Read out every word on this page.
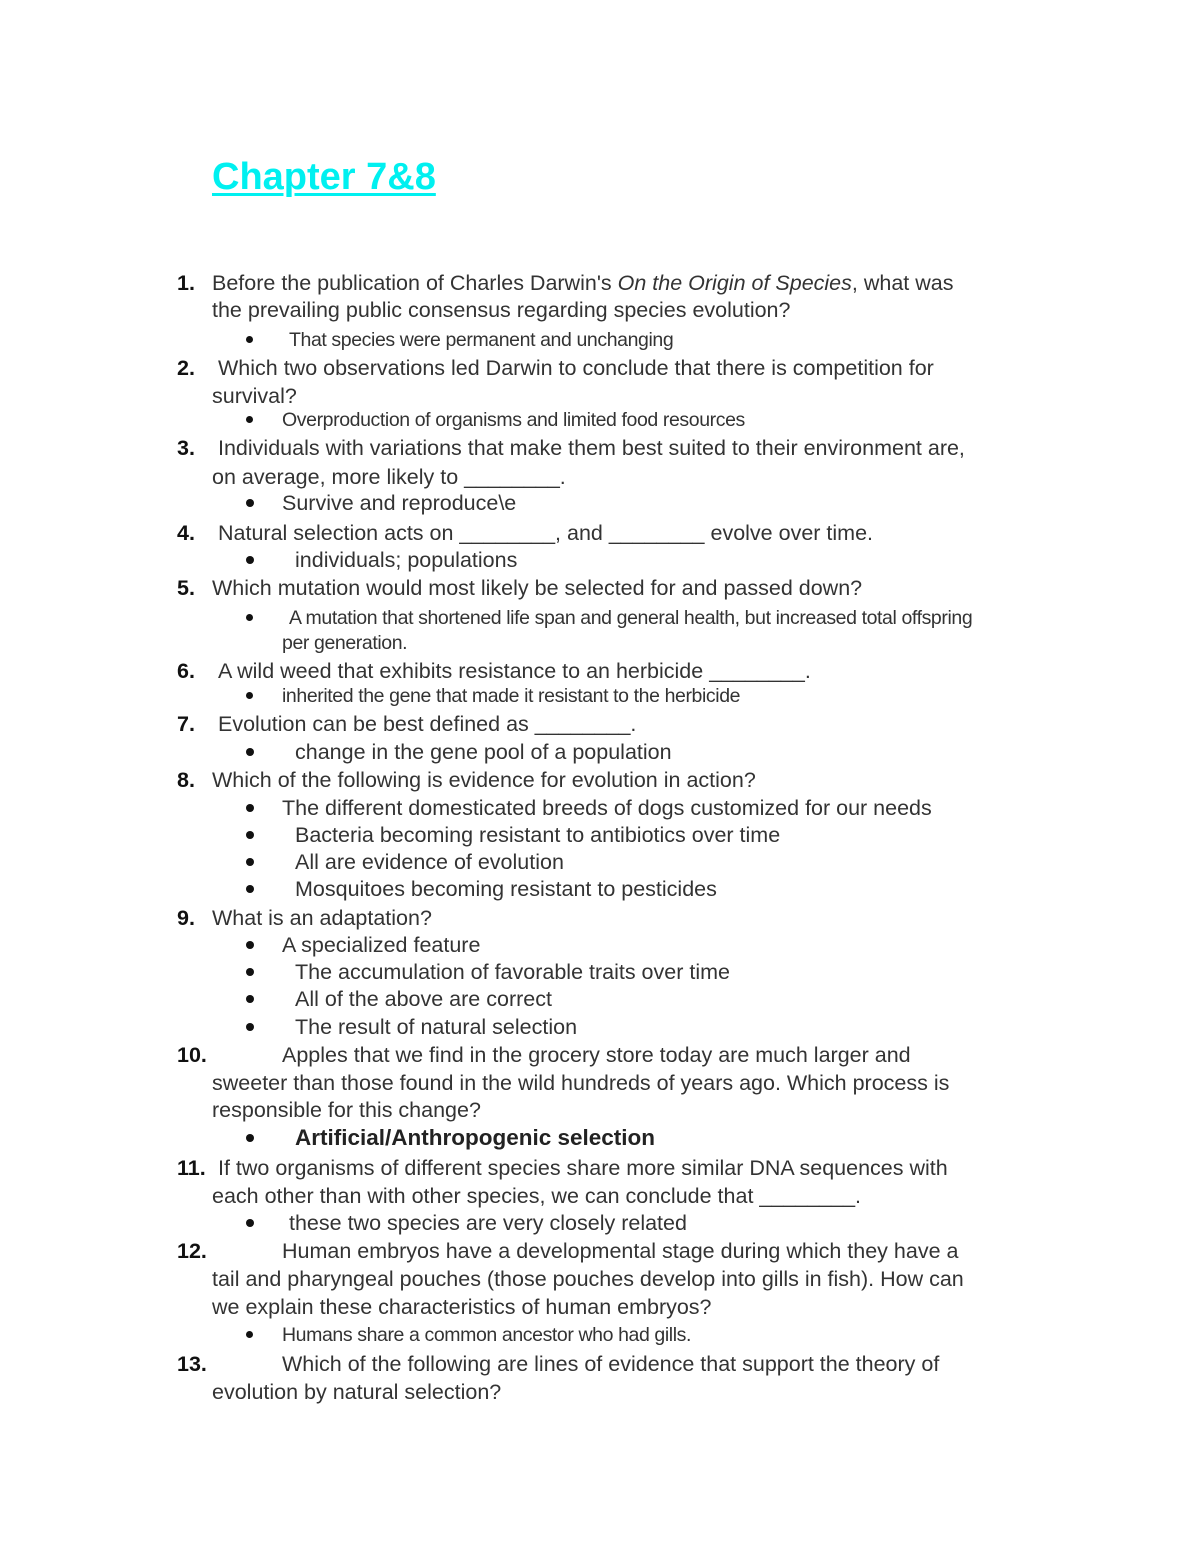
Chapter 7&8
1. Before the publication of Charles Darwin's On the Origin of Species, what was
the prevailing public consensus regarding species evolution?
That species were permanent and unchanging
2. Which two observations led Darwin to conclude that there is competition for
survival?
Overproduction of organisms and limited food resources
3. Individuals with variations that make them best suited to their environment are,
on average, more likely to ________.
Survive and reproduce\e
4. Natural selection acts on ________, and ________ evolve over time.
individuals; populations
5. Which mutation would most likely be selected for and passed down?
A mutation that shortened life span and general health, but increased total offspring
per generation.
6. A wild weed that exhibits resistance to an herbicide ________.
inherited the gene that made it resistant to the herbicide
7. Evolution can be best defined as ________.
change in the gene pool of a population
8. Which of the following is evidence for evolution in action?
The different domesticated breeds of dogs customized for our needs
Bacteria becoming resistant to antibiotics over time
All are evidence of evolution
Mosquitoes becoming resistant to pesticides
9. What is an adaptation?
A specialized feature
The accumulation of favorable traits over time
All of the above are correct
The result of natural selection
10.	Apples that we find in the grocery store today are much larger and
sweeter than those found in the wild hundreds of years ago. Which process is
responsible for this change?
Artificial/Anthropogenic selection
11. If two organisms of different species share more similar DNA sequences with
each other than with other species, we can conclude that ________.
these two species are very closely related
12.	Human embryos have a developmental stage during which they have a
tail and pharyngeal pouches (those pouches develop into gills in fish). How can
we explain these characteristics of human embryos?
Humans share a common ancestor who had gills.
13.	Which of the following are lines of evidence that support the theory of
evolution by natural selection?
